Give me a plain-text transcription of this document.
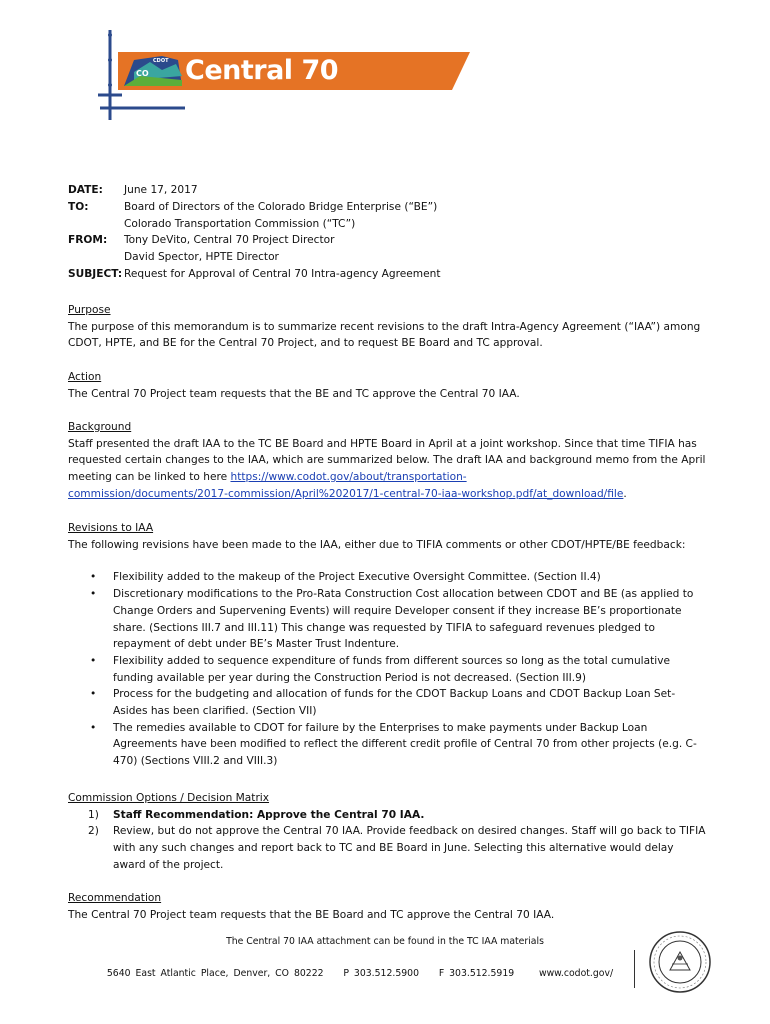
CDOT
CO Central 70
DATE: June 17, 2017
TO:	Board of Directors of the Colorado Bridge Enterprise (“BE”)
Colorado Transportation Commission (“TC”)
FROM: Tony DeVito, Central 70 Project Director
David Spector, HPTE Director
SUBJECT: Request for Approval of Central 70 Intra-agency Agreement
Purpose

The purpose of this memorandum is to summarize recent revisions to the draft Intra-Agency Agreement (“IAA”) among CDOT, HPTE, and BE for the Central 70 Project, and to request BE Board and TC approval.

Action

The Central 70 Project team requests that the BE and TC approve the Central 70 IAA.

Background

Staff presented the draft IAA to the TC BE Board and HPTE Board in April at a joint workshop. Since that time TIFIA has requested certain changes to the IAA, which are summarized below. The draft IAA and background memo from the April meeting can be linked to here https://www.codot.gov/about/transportation-
commission/documents/2017-commission/April%202017/1-central-70-iaa-workshop.pdf/at_download/file.

Revisions to IAA

The following revisions have been made to the IAA, either due to TIFIA comments or other CDOT/HPTE/BE feedback:

• Flexibility added to the makeup of the Project Executive Oversight Committee. (Section II.4)
• Discretionary modifications to the Pro-Rata Construction Cost allocation between CDOT and BE (as applied to Change Orders and Supervening Events) will require Developer consent if they increase BE’s proportionate share. (Sections III.7 and III.11) This change was requested by TIFIA to safeguard revenues pledged to repayment of debt under BE’s Master Trust Indenture.
• Flexibility added to sequence expenditure of funds from different sources so long as the total cumulative funding available per year during the Construction Period is not decreased. (Section III.9)
• Process for the budgeting and allocation of funds for the CDOT Backup Loans and CDOT Backup Loan Set-Asides has been clarified. (Section VII)
• The remedies available to CDOT for failure by the Enterprises to make payments under Backup Loan Agreements have been modified to reflect the different credit profile of Central 70 from other projects (e.g. C-470) (Sections VIII.2 and VIII.3)
Commission Options / Decision Matrix
1) Staff Recommendation: Approve the Central 70 IAA.
2) Review, but do not approve the Central 70 IAA. Provide feedback on desired changes. Staff will go back to TIFIA with any such changes and report back to TC and BE Board in June. Selecting this alternative would delay award of the project.
Recommendation

The Central 70 Project team requests that the BE Board and TC approve the Central 70 IAA.

The Central 70 IAA attachment can be found in the TC IAA materials
5640 East Atlantic Place, Denver, CO 80222 P 303.512.5900 F 303.512.5919	www.codot.gov/
